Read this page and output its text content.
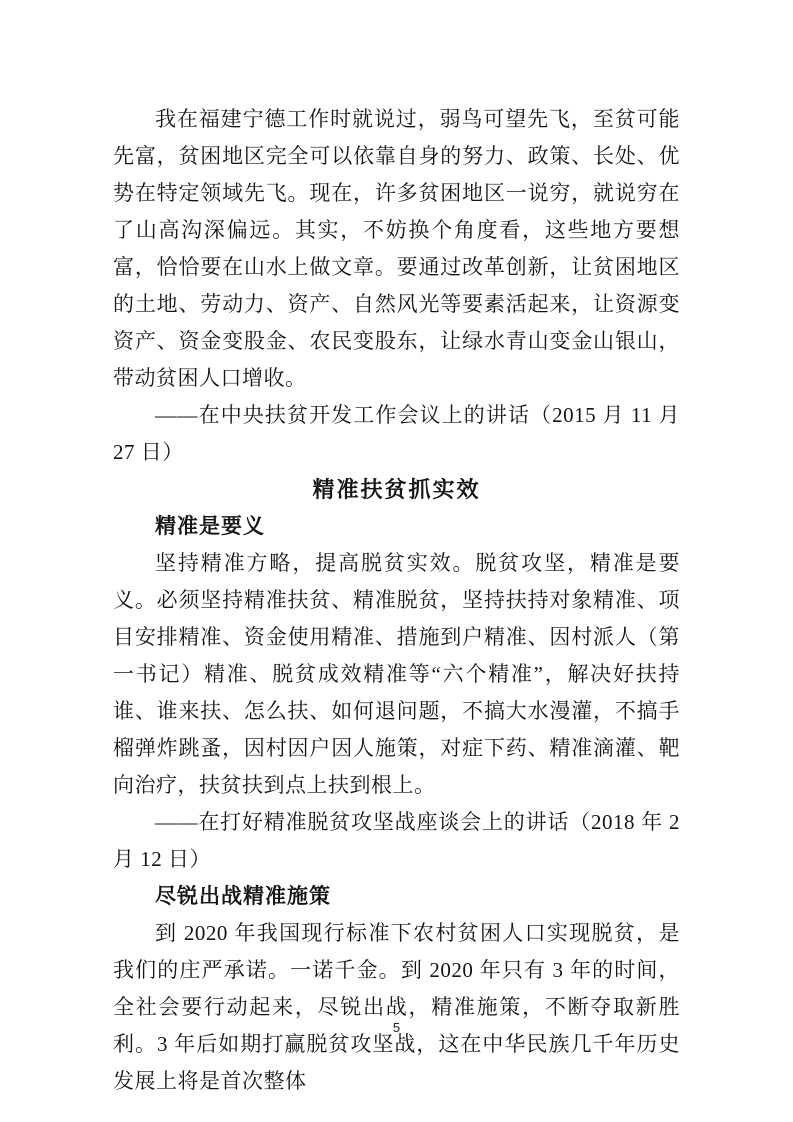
我在福建宁德工作时就说过，弱鸟可望先飞，至贫可能先富，贫困地区完全可以依靠自身的努力、政策、长处、优势在特定领域先飞。现在，许多贫困地区一说穷，就说穷在了山高沟深偏远。其实，不妨换个角度看，这些地方要想富，恰恰要在山水上做文章。要通过改革创新，让贫困地区的土地、劳动力、资产、自然风光等要素活起来，让资源变资产、资金变股金、农民变股东，让绿水青山变金山银山，带动贫困人口增收。

——在中央扶贫开发工作会议上的讲话（2015 月 11 月 27 日）

精准扶贫抓实效
精准是要义

坚持精准方略，提高脱贫实效。脱贫攻坚，精准是要义。必须坚持精准扶贫、精准脱贫，坚持扶持对象精准、项目安排精准、资金使用精准、措施到户精准、因村派人（第一书记）精准、脱贫成效精准等“六个精准”，解决好扶持谁、谁来扶、怎么扶、如何退问题，不搞大水漫灌，不搞手榴弹炸跳蚤，因村因户因人施策，对症下药、精准滴灌、靶向治疗，扶贫扶到点上扶到根上。

——在打好精准脱贫攻坚战座谈会上的讲话（2018 年 2 月 12 日）

尽锐出战精准施策

到 2020 年我国现行标准下农村贫困人口实现脱贫，是我们的庄严承诺。一诺千金。到 2020 年只有 3 年的时间，全社会要行动起来，尽锐出战，精准施策，不断夺取新胜利。3 年后如期打赢脱贫攻坚战，这在中华民族几千年历史发展上将是首次整体

5
